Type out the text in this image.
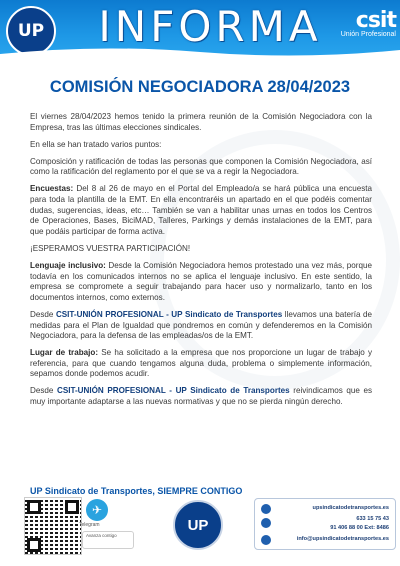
UP INFORMA	csit
Unión Profesional
COMISIÓN NEGOCIADORA 28/04/2023

El viernes 28/04/2023 hemos tenido la primera reunión de la Comisión Negociadora con la Empresa, tras las últimas elecciones sindicales.

En ella se han tratado varios puntos:

Composición y ratificación de todas las personas que componen la Comisión Negociadora, así como la ratificación del reglamento por el que se va a regir la Negociadora.

Encuestas: Del 8 al 26 de mayo en el Portal del Empleado/a se hará pública una encuesta para toda la plantilla de la EMT. En ella encontraréis un apartado en el que podéis comentar dudas, sugerencias, ideas, etc… También se van a habilitar unas urnas en todos los Centros de Operaciones, Bases, BiciMAD, Talleres, Parkings y demás instalaciones de la EMT, para que podáis participar de forma activa.

¡ESPERAMOS VUESTRA PARTICIPACIÓN!

Lenguaje inclusivo: Desde la Comisión Negociadora hemos protestado una vez más, porque todavía en los comunicados internos no se aplica el lenguaje inclusivo. En este sentido, la empresa se compromete a seguir trabajando para hacer uso y normalizarlo, tanto en los documentos internos, como externos.

Desde CSIT-UNIÓN PROFESIONAL - UP Sindicato de Transportes llevamos una batería de medidas para el Plan de Igualdad que pondremos en común y defenderemos en la Comisión Negociadora, para la defensa de las empleadas/os de la EMT.

Lugar de trabajo: Se ha solicitado a la empresa que nos proporcione un lugar de trabajo y referencia, para que cuando tengamos alguna duda, problema o simplemente información, sepamos donde podemos acudir.

Desde CSIT-UNIÓN PROFESIONAL - UP Sindicato de Transportes reivindicamos que es muy importante adaptarse a las nuevas normativas y que no se pierda ningún derecho.

UP Sindicato de Transportes, SIEMPRE CONTIGO
✈
Telegram
Avanza contigo
UP
upsindicatodetransportes.es
633 15 75 43
91 406 88 00 Ext: 8486
info@upsindicatodetransportes.es
